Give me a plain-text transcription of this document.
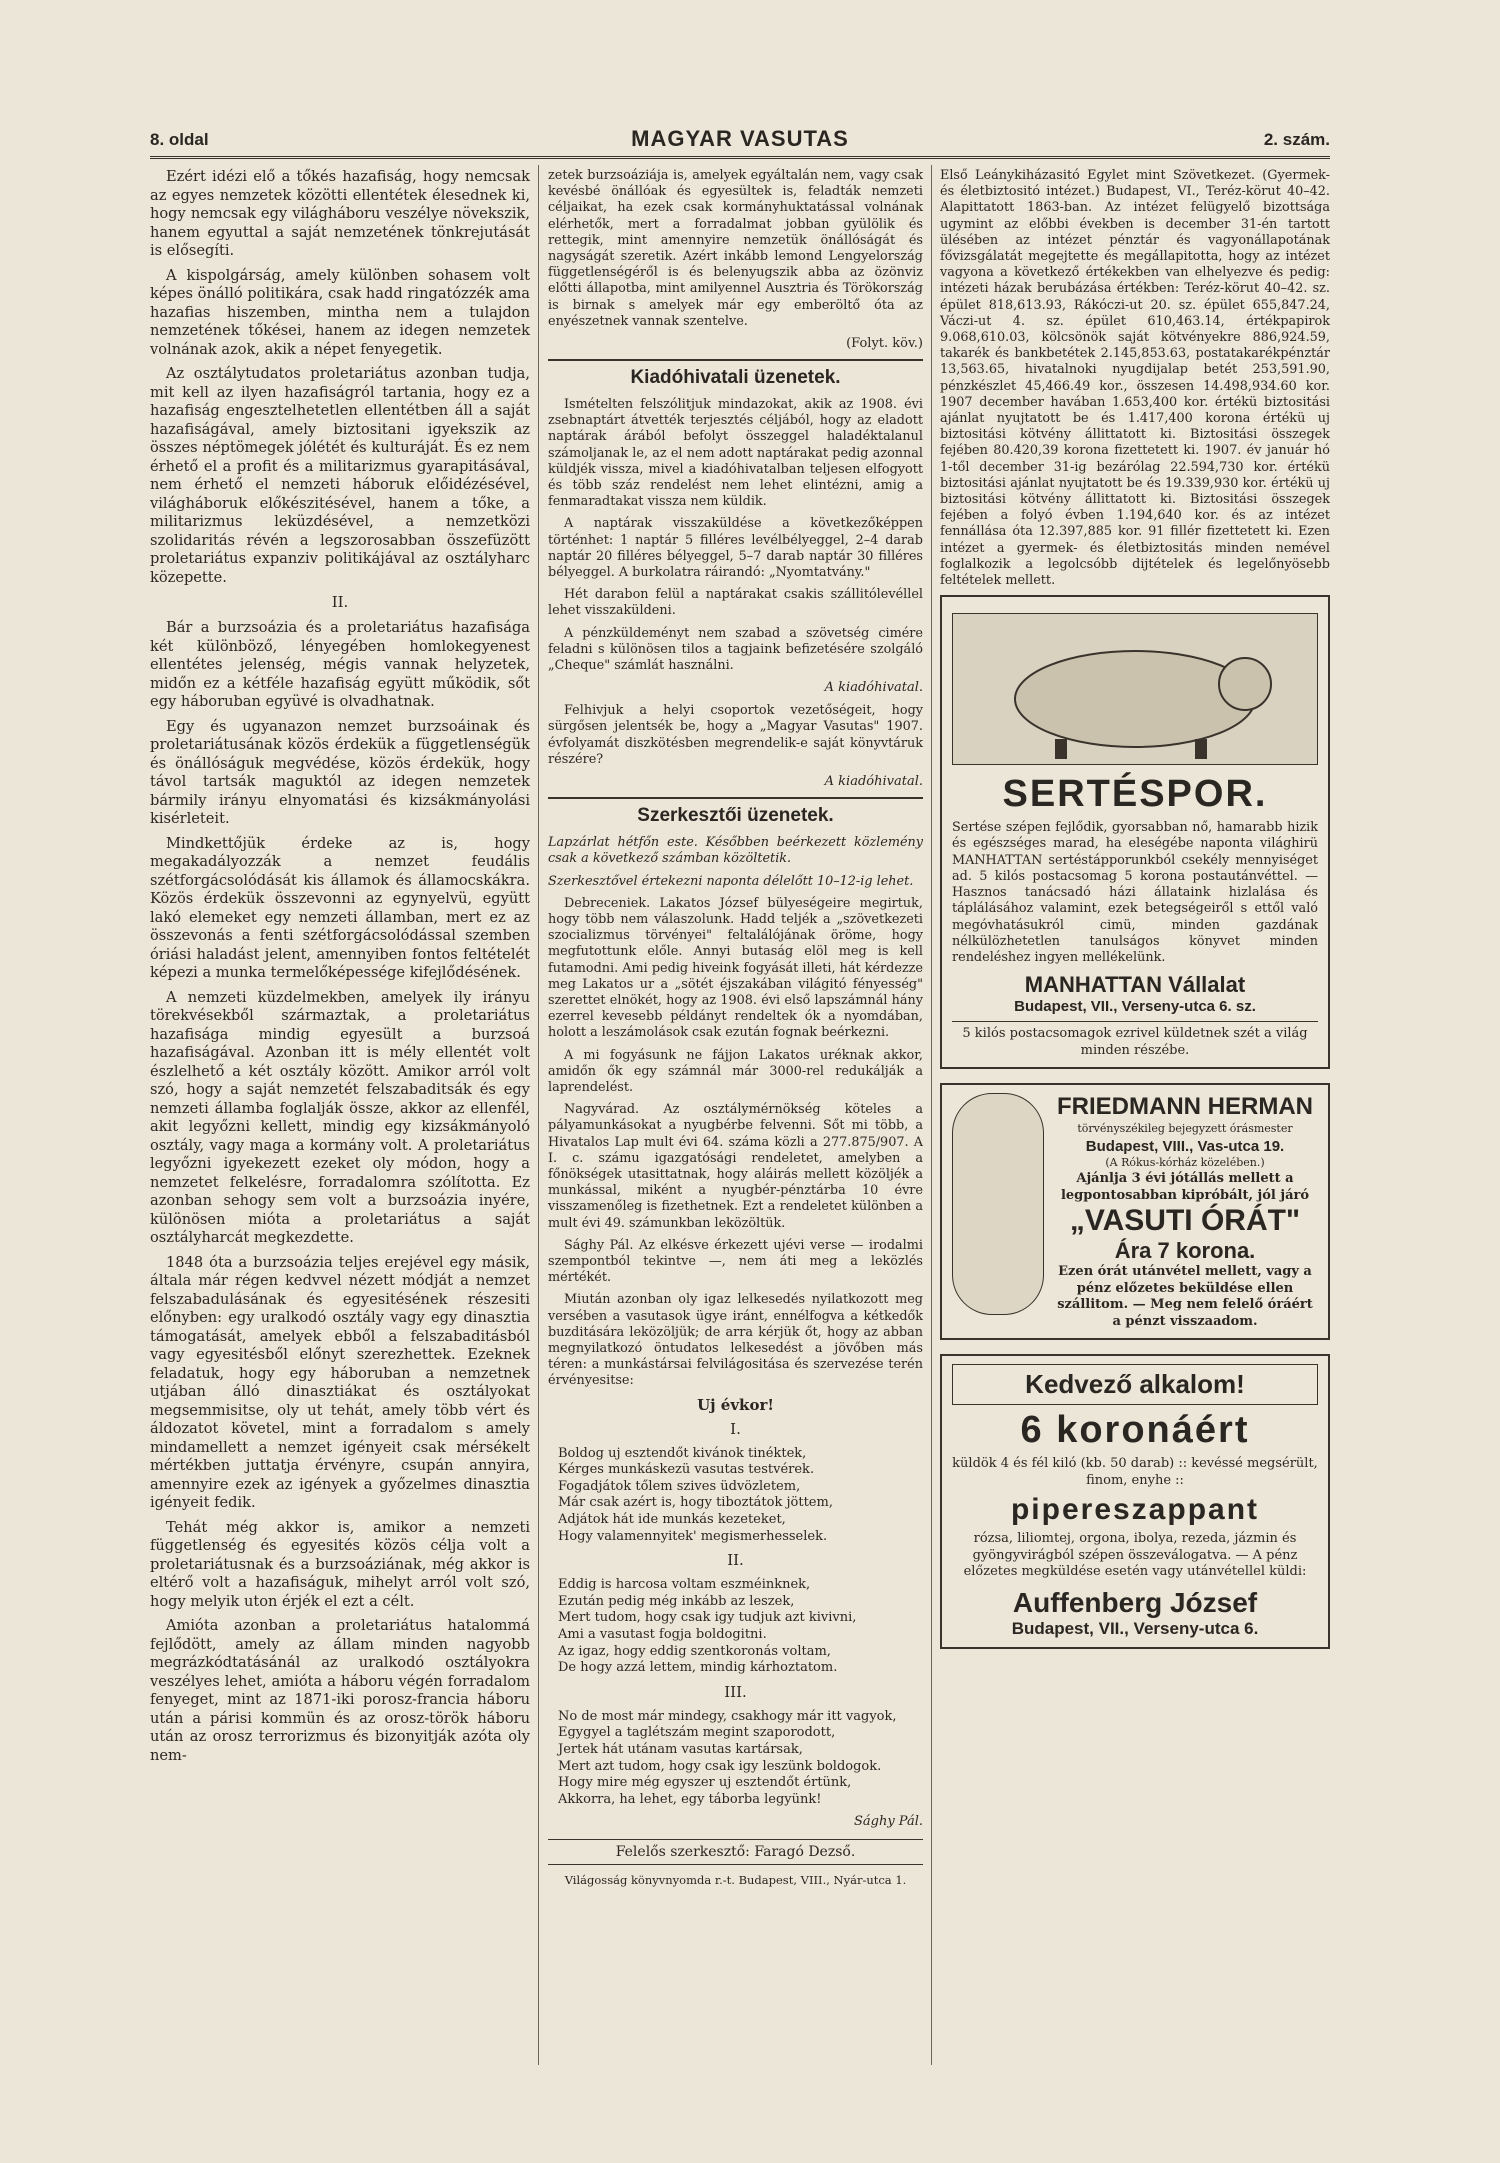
8. oldal	MAGYAR VASUTAS	2. szám.

Ezért idézi elő a tőkés hazafiság, hogy nemcsak az egyes nemzetek közötti ellentétek élesednek ki, hogy nemcsak egy világháboru veszélye növekszik, hanem egyuttal a saját nemzetének tönkrejutását is elősegíti.

A kispolgárság, amely különben sohasem volt képes önálló politikára, csak hadd ringatózzék ama hazafias hiszemben, mintha nem a tulajdon nemzetének tőkései, hanem az idegen nemzetek volnának azok, akik a népet fenyegetik.

Az osztálytudatos proletariátus azonban tudja, mit kell az ilyen hazafiságról tartania, hogy ez a hazafiság engesztelhetetlen ellentétben áll a saját hazafiságával, amely biztositani igyekszik az összes néptömegek jólétét és kulturáját. És ez nem érhető el a profit és a militarizmus gyarapitásával, nem érhető el nemzeti háboruk előidézésével, világháboruk előkészitésével, hanem a tőke, a militarizmus leküzdésével, a nemzetközi szolidaritás révén a legszorosabban összefüzött proletariátus expanziv politikájával az osztályharc közepette.

II.

Bár a burzsoázia és a proletariátus hazafisága két különböző, lényegében homlokegyenest ellentétes jelenség, mégis vannak helyzetek, midőn ez a kétféle hazafiság együtt működik, sőt egy háboruban együvé is olvadhatnak.

Egy és ugyanazon nemzet burzsoáinak és proletariátusának közös érdekük a függetlenségük és önállóságuk megvédése, közös érdekük, hogy távol tartsák maguktól az idegen nemzetek bármily irányu elnyomatási és kizsákmányolási kisérleteit.

Mindkettőjük érdeke az is, hogy megakadályozzák a nemzet feudális szétforgácsolódását kis államok és államocskákra. Közös érdekük összevonni az egynyelvü, együtt lakó elemeket egy nemzeti államban, mert ez az összevonás a fenti szétforgácsolódással szemben óriási haladást jelent, amennyiben fontos feltételét képezi a munka termelőképessége kifejlődésének.

A nemzeti küzdelmekben, amelyek ily irányu törekvésekből származtak, a proletariátus hazafisága mindig egyesült a burzsoá hazafiságával. Azonban itt is mély ellentét volt észlelhető a két osztály között. Amikor arról volt szó, hogy a saját nemzetét felszabaditsák és egy nemzeti államba foglalják össze, akkor az ellenfél, akit legyőzni kellett, mindig egy kizsákmányoló osztály, vagy maga a kormány volt. A proletariátus legyőzni igyekezett ezeket oly módon, hogy a nemzetet felkelésre, forradalomra szólította. Ez azonban sehogy sem volt a burzsoázia inyére, különösen mióta a proletariátus a saját osztályharcát megkezdette.

1848 óta a burzsoázia teljes erejével egy másik, általa már régen kedvvel nézett módját a nemzet felszabadulásának és egyesitésének részesiti előnyben: egy uralkodó osztály vagy egy dinasztia támogatását, amelyek ebből a felszabaditásból vagy egyesitésből előnyt szerezhettek. Ezeknek feladatuk, hogy egy háboruban a nemzetnek utjában álló dinasztiákat és osztályokat megsemmisitse, oly ut tehát, amely több vért és áldozatot követel, mint a forradalom s amely mindamellett a nemzet igényeit csak mérsékelt mértékben juttatja érvényre, csupán annyira, amennyire ezek az igények a győzelmes dinasztia igényeit fedik.

Tehát még akkor is, amikor a nemzeti függetlenség és egyesités közös célja volt a proletariátusnak és a burzsoáziának, még akkor is eltérő volt a hazafiságuk, mihelyt arról volt szó, hogy melyik uton érjék el ezt a célt.

Amióta azonban a proletariátus hatalommá fejlődött, amely az állam minden nagyobb megrázkódtatásánál az uralkodó osztályokra veszélyes lehet, amióta a háboru végén forradalom fenyeget, mint az 1871-iki porosz-francia háboru után a párisi kommün és az orosz-török háboru után az orosz terrorizmus és bizonyitják azóta oly nem-

zetek burzsoáziája is, amelyek egyáltalán nem, vagy csak kevésbé önállóak és egyesültek is, feladták nemzeti céljaikat, ha ezek csak kormányhuktatással volnának elérhetők, mert a forradalmat jobban gyülölik és rettegik, mint amennyire nemzetük önállóságát és nagyságát szeretik. Azért inkább lemond Lengyelország függetlenségéről is és belenyugszik abba az özönviz előtti állapotba, mint amilyennel Ausztria és Törökország is birnak s amelyek már egy emberöltő óta az enyészetnek vannak szentelve.

(Folyt. köv.)
Kiadóhivatali üzenetek.

Ismételten felszólitjuk mindazokat, akik az 1908. évi zsebnaptárt átvették terjesztés céljából, hogy az eladott naptárak árából befolyt összeggel haladéktalanul számoljanak le, az el nem adott naptárakat pedig azonnal küldjék vissza, mivel a kiadóhivatalban teljesen elfogyott és több száz rendelést nem lehet elintézni, amig a fenmaradtakat vissza nem küldik.

A naptárak visszaküldése a következőképpen történhet: 1 naptár 5 filléres levélbélyeggel, 2–4 darab naptár 20 filléres bélyeggel, 5–7 darab naptár 30 filléres bélyeggel. A burkolatra ráirandó: „Nyomtatvány."

Hét darabon felül a naptárakat csakis szállitólevéllel lehet visszaküldeni.

A pénzküldeményt nem szabad a szövetség cimére feladni s különösen tilos a tagjaink befizetésére szolgáló „Cheque" számlát használni.

A kiadóhivatal.

Felhivjuk a helyi csoportok vezetőségeit, hogy sürgősen jelentsék be, hogy a „Magyar Vasutas" 1907. évfolyamát diszkötésben megrendelik-e saját könyvtáruk részére?

A kiadóhivatal.
Szerkesztői üzenetek.

Lapzárlat hétfőn este. Későbben beérkezett közlemény csak a következő számban közöltetik.

Szerkesztővel értekezni naponta délelőtt 10–12-ig lehet.

Debreceniek. Lakatos József bülyeségeire megirtuk, hogy több nem válaszolunk. Hadd teljék a „szövetkezeti szocializmus törvényei" feltalálójának öröme, hogy megfutottunk előle. Annyi butaság elöl meg is kell futamodni. Ami pedig hiveink fogyását illeti, hát kérdezze meg Lakatos ur a „sötét éjszakában világitó fényesség" szerettet elnökét, hogy az 1908. évi első lapszámnál hány ezerrel kevesebb példányt rendeltek ók a nyomdában, holott a leszámolások csak ezután fognak beérkezni.

A mi fogyásunk ne fájjon Lakatos uréknak akkor, amidőn ők egy számnál már 3000-rel redukálják a laprendelést.

Nagyvárad. Az osztálymérnökség köteles a pályamunkásokat a nyugbérbe felvenni. Sőt mi több, a Hivatalos Lap mult évi 64. száma közli a 277.875/907. A I. c. számu igazgatósági rendeletet, amelyben a főnökségek utasittatnak, hogy aláirás mellett közöljék a munkással, miként a nyugbér-pénztárba 10 évre visszamenőleg is fizethetnek. Ezt a rendeletet különben a mult évi 49. számunkban leközöltük.

Sághy Pál. Az elkésve érkezett ujévi verse — irodalmi szempontból tekintve —, nem áti meg a leközlés mértékét.

Miután azonban oly igaz lelkesedés nyilatkozott meg versében a vasutasok ügye iránt, ennélfogva a kétkedők buzditására leközöljük; de arra kérjük őt, hogy az abban megnyilatkozó öntudatos lelkesedést a jövőben más téren: a munkástársai felvilágositása és szervezése terén érvényesitse:

Uj évkor!
I.
Boldog uj esztendőt kivánok tinéktek,
Kérges munkáskezü vasutas testvérek.
Fogadjátok tőlem szives üdvözletem,
Már csak azért is, hogy tiboztátok jöttem,
Adjátok hát ide munkás kezeteket,
Hogy valamennyitek' megismerhesselek.
II.
Eddig is harcosa voltam eszméinknek,
Ezután pedig még inkább az leszek,
Mert tudom, hogy csak igy tudjuk azt kivivni,
Ami a vasutast fogja boldogitni.
Az igaz, hogy eddig szentkoronás voltam,
De hogy azzá lettem, mindig kárhoztatom.
III.
No de most már mindegy, csakhogy már itt vagyok,
Egygyel a taglétszám megint szaporodott,
Jertek hát utánam vasutas kartársak,
Mert azt tudom, hogy csak igy leszünk boldogok.
Hogy mire még egyszer uj esztendőt értünk,
Akkorra, ha lehet, egy táborba legyünk!
Sághy Pál.
Felelős szerkesztő: Faragó Dezső.
Világosság könyvnyomda r.-t. Budapest, VIII., Nyár-utca 1.

Első Leánykiházasitó Egylet mint Szövetkezet. (Gyermek- és életbiztositó intézet.) Budapest, VI., Teréz-körut 40–42. Alapittatott 1863-ban. Az intézet felügyelő bizottsága ugymint az előbbi években is december 31-én tartott ülésében az intézet pénztár és vagyonállapotának fővizsgálatát megejtette és megállapitotta, hogy az intézet vagyona a következő értékekben van elhelyezve és pedig: intézeti házak berubázása értékben: Teréz-körut 40–42. sz. épület 818,613.93, Rákóczi-ut 20. sz. épület 655,847.24, Váczi-ut 4. sz. épület 610,463.14, értékpapirok 9.068,610.03, kölcsönök saját kötvényekre 886,924.59, takarék és bankbetétek 2.145,853.63, postatakarékpénztár 13,563.65, hivatalnoki nyugdijalap betét 253,591.90, pénzkészlet 45,466.49 kor., összesen 14.498,934.60 kor. 1907 december havában 1.653,400 kor. értékü biztositási ajánlat nyujtatott be és 1.417,400 korona értékü uj biztositási kötvény állittatott ki. Biztositási összegek fejében 80.420,39 korona fizettetett ki. 1907. év január hó 1-től december 31-ig bezárólag 22.594,730 kor. értékü biztositási ajánlat nyujtatott be és 19.339,930 kor. értékü uj biztositási kötvény állittatott ki. Biztositási összegek fejében a folyó évben 1.194,640 kor. és az intézet fennállása óta 12.397,885 kor. 91 fillér fizettetett ki. Ezen intézet a gyermek- és életbiztositás minden nemével foglalkozik a legolcsóbb dijtételek és legelőnyösebb feltételek mellett.

SERTÉSPOR.

Sertése szépen fejlődik, gyorsabban nő, hamarabb hizik és egészséges marad, ha eleségébe naponta világhirü MANHATTAN sertéstápporunkból csekély mennyiséget ad. 5 kilós postacsomag 5 korona postautánvéttel. — Hasznos tanácsadó házi állataink hizlalása és táplálásához valamint, ezek betegségeiről s ettől való megóvhatásukról cimü, minden gazdának nélkülözhetetlen tanulságos könyvet minden rendeléshez ingyen mellékelünk.

MANHATTAN Vállalat
Budapest, VII., Verseny-utca 6. sz.
5 kilós postacsomagok ezrivel küldetnek szét a világ minden részébe.
FRIEDMANN HERMAN
törvényszékileg bejegyzett órásmester
Budapest, VIII., Vas-utca 19.
(A Rókus-kórház közelében.)
Ajánlja 3 évi jótállás mellett a legpontosabban kipróbált, jól járó
„VASUTI ÓRÁT"
Ára 7 korona.
Ezen órát utánvétel mellett, vagy a pénz előzetes beküldése ellen szállitom. — Meg nem felelő óráért a pénzt visszaadom.
Kedvező alkalom!
6 koronáért
küldök 4 és fél kiló (kb. 50 darab) :: kevéssé megsérült, finom, enyhe ::
pipereszappant
rózsa, liliomtej, orgona, ibolya, rezeda, jázmin és gyöngyvirágból szépen összeválogatva. — A pénz előzetes megküldése esetén vagy utánvétellel küldi:
Auffenberg József
Budapest, VII., Verseny-utca 6.
